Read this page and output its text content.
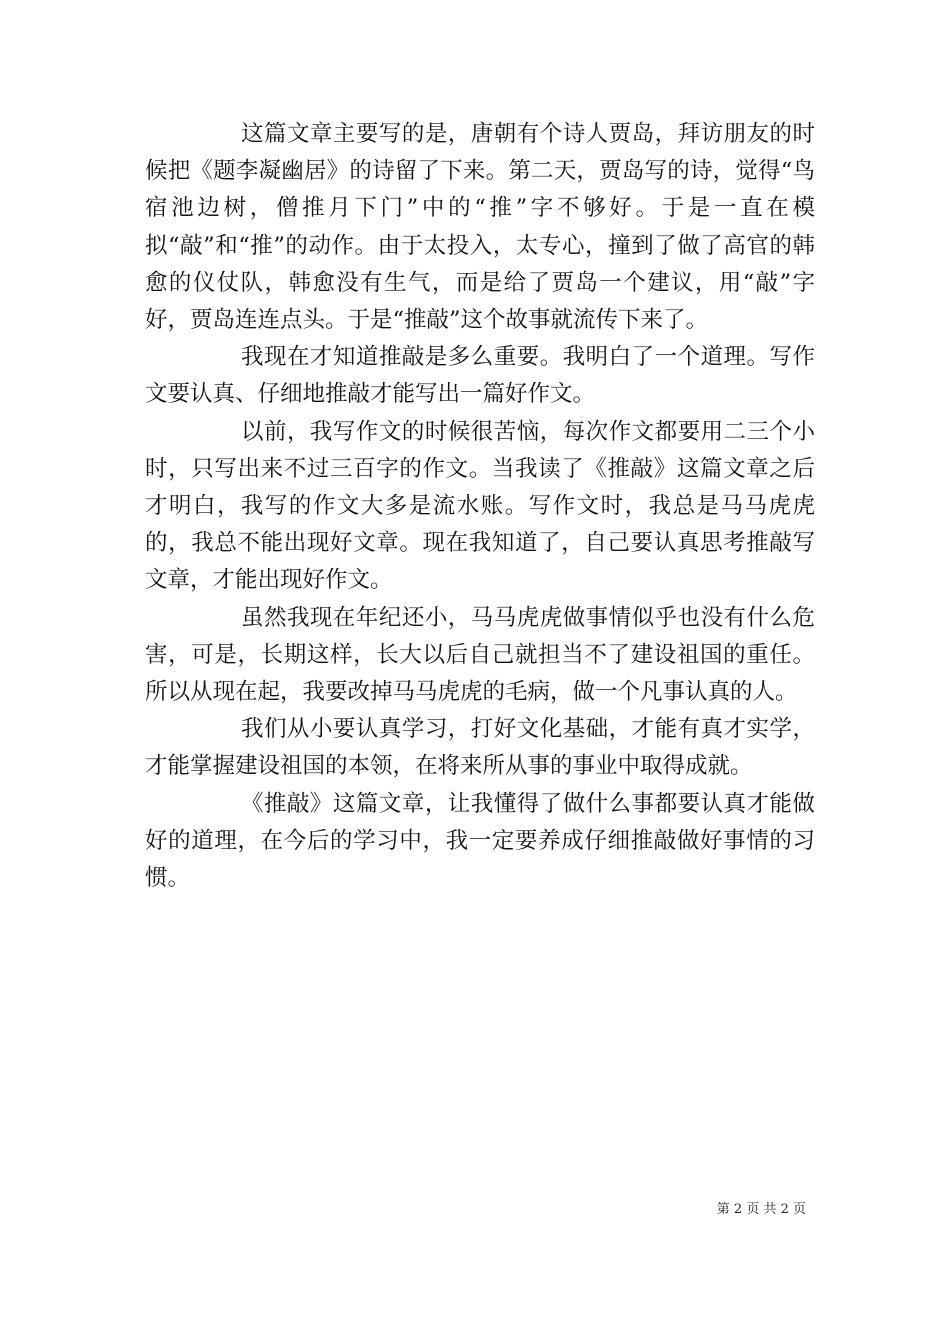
这篇文章主要写的是，唐朝有个诗人贾岛，拜访朋友的时候把《题李凝幽居》的诗留了下来。第二天，贾岛写的诗，觉得“鸟宿池边树，僧推月下门”中的“推”字不够好。于是一直在模拟“敲”和“推”的动作。由于太投入，太专心，撞到了做了高官的韩愈的仪仗队，韩愈没有生气，而是给了贾岛一个建议，用“敲”字好，贾岛连连点头。于是“推敲”这个故事就流传下来了。

我现在才知道推敲是多么重要。我明白了一个道理。写作文要认真、仔细地推敲才能写出一篇好作文。

以前，我写作文的时候很苦恼，每次作文都要用二三个小时，只写出来不过三百字的作文。当我读了《推敲》这篇文章之后才明白，我写的作文大多是流水账。写作文时，我总是马马虎虎的，我总不能出现好文章。现在我知道了，自己要认真思考推敲写文章，才能出现好作文。

虽然我现在年纪还小，马马虎虎做事情似乎也没有什么危害，可是，长期这样，长大以后自己就担当不了建设祖国的重任。所以从现在起，我要改掉马马虎虎的毛病，做一个凡事认真的人。

我们从小要认真学习，打好文化基础，才能有真才实学，才能掌握建设祖国的本领，在将来所从事的事业中取得成就。

《推敲》这篇文章，让我懂得了做什么事都要认真才能做好的道理，在今后的学习中，我一定要养成仔细推敲做好事情的习惯。

第 2 页 共 2 页
